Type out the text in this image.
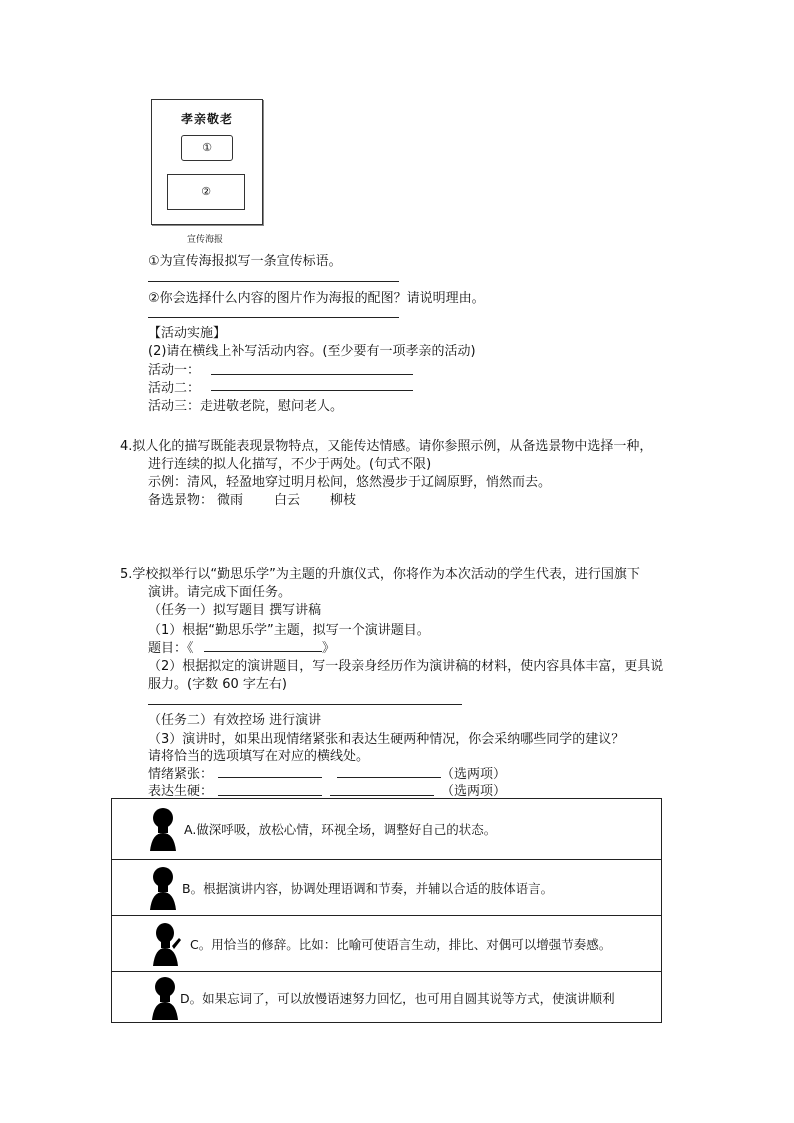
孝亲敬老
①
②
宣传海报
①为宣传海报拟写一条宣传标语。
②你会选择什么内容的图片作为海报的配图？请说明理由。
【活动实施】
(2)请在横线上补写活动内容。(至少要有一项孝亲的活动)
活动一：
活动二：
活动三：走进敬老院，慰问老人。
4.拟人化的描写既能表现景物特点，又能传达情感。请你参照示例，从备选景物中选择一种，
进行连续的拟人化描写，不少于两处。(句式不限)
示例：清风，轻盈地穿过明月松间，悠然漫步于辽阔原野，悄然而去。
备选景物： 微雨 白云 柳枝
5.学校拟举行以“勤思乐学”为主题的升旗仪式，你将作为本次活动的学生代表，进行国旗下
演讲。请完成下面任务。
（任务一）拟写题目 撰写讲稿
（1）根据“勤思乐学”主题，拟写一个演讲题目。
题目：《	》
（2）根据拟定的演讲题目，写一段亲身经历作为演讲稿的材料，使内容具体丰富，更具说
服力。(字数 60 字左右)
（任务二）有效控场 进行演讲
（3）演讲时，如果出现情绪紧张和表达生硬两种情况，你会采纳哪些同学的建议？
请将恰当的选项填写在对应的横线处。
情绪紧张：	（选两项）
表达生硬：	（选两项）
A.做深呼吸，放松心情，环视全场，调整好自己的状态。
B。根据演讲内容，协调处理语调和节奏，并辅以合适的肢体语言。
C。用恰当的修辞。比如：比喻可使语言生动，排比、对偶可以增强节奏感。
D。如果忘词了，可以放慢语速努力回忆，也可用自圆其说等方式，使演讲顺利
